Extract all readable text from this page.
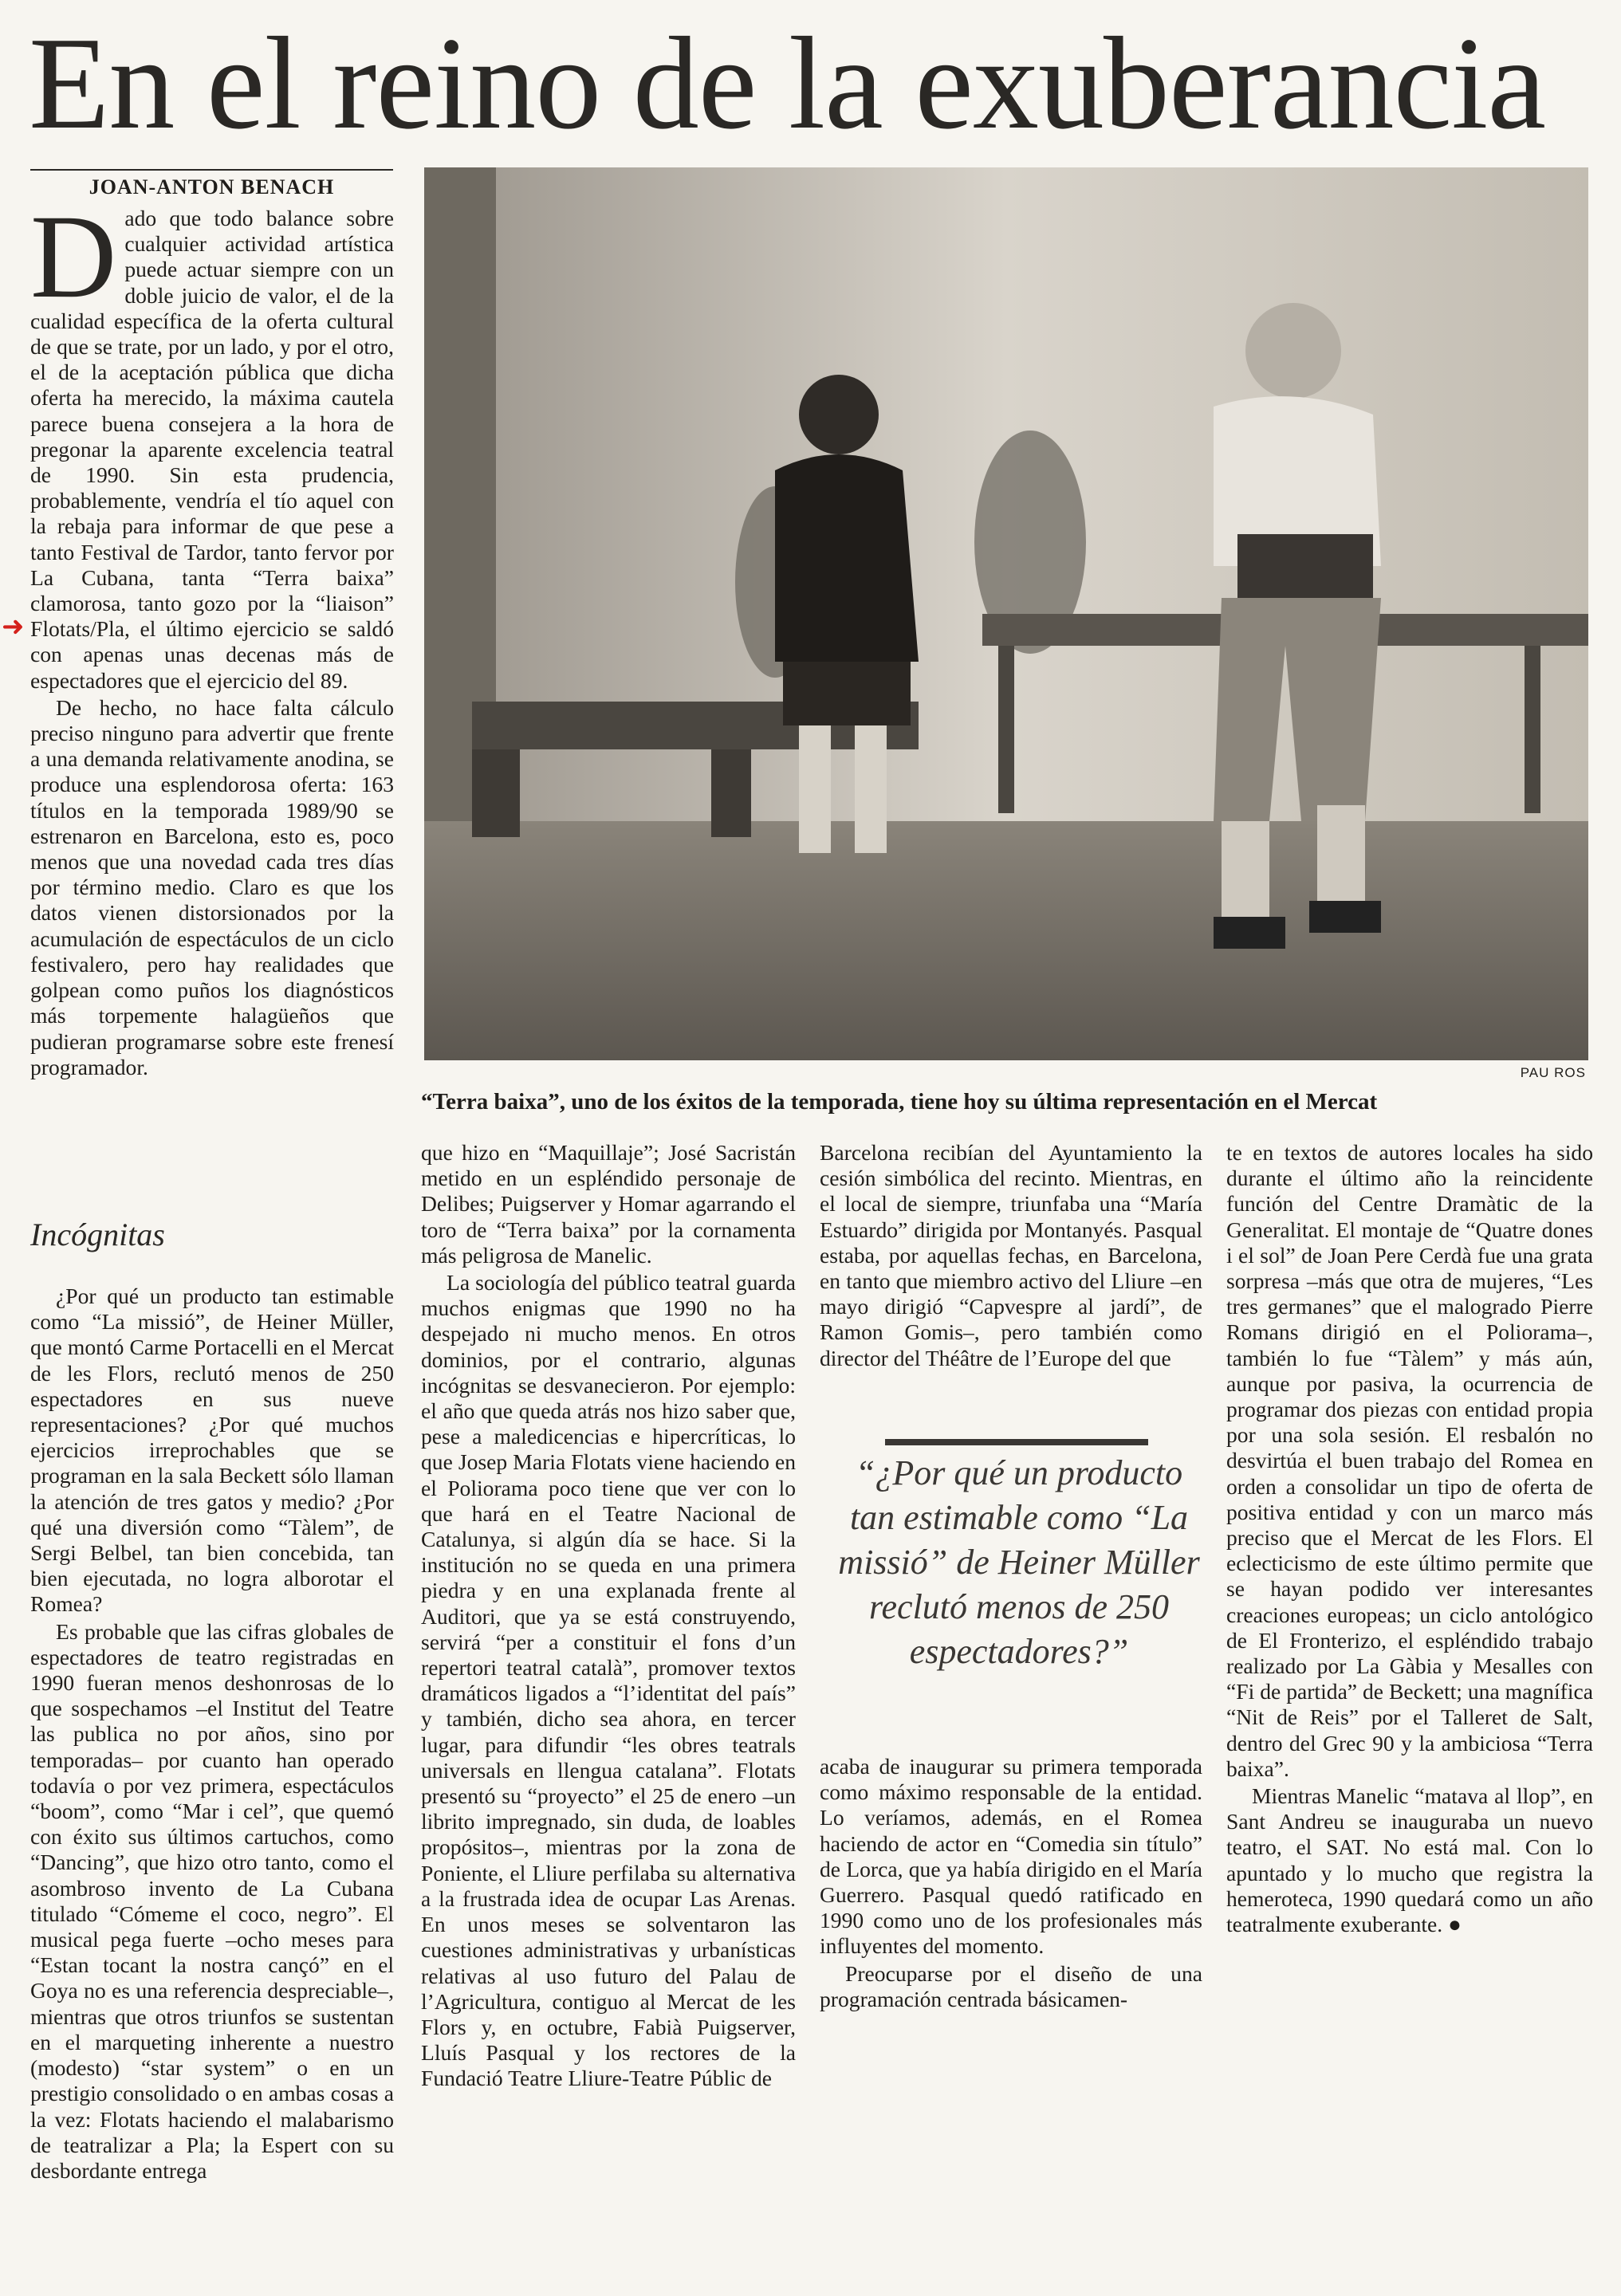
En el reino de la exuberancia
JOAN-ANTON BENACH
➜

Dado que todo balance sobre cualquier actividad artística puede actuar siempre con un doble juicio de valor, el de la cualidad específica de la oferta cultural de que se trate, por un lado, y por el otro, el de la aceptación pública que dicha oferta ha merecido, la máxima cautela parece buena consejera a la hora de pregonar la aparente excelencia teatral de 1990. Sin esta prudencia, probablemente, vendría el tío aquel con la rebaja para informar de que pese a tanto Festival de Tardor, tanto fervor por La Cubana, tanta “Terra baixa” clamorosa, tanto gozo por la “liaison” Flotats/Pla, el último ejercicio se saldó con apenas unas decenas más de espectadores que el ejercicio del 89.

De hecho, no hace falta cálculo preciso ninguno para advertir que frente a una demanda relativamente anodina, se produce una esplendorosa oferta: 163 títulos en la temporada 1989/90 se estrenaron en Barcelona, esto es, poco menos que una novedad cada tres días por término medio. Claro es que los datos vienen distorsionados por la acumulación de espectáculos de un ciclo festivalero, pero hay realidades que golpean como puños los diagnósticos más torpemente halagüeños que pudieran programarse sobre este frenesí programador.

Incógnitas

¿Por qué un producto tan estimable como “La missió”, de Heiner Müller, que montó Carme Portacelli en el Mercat de les Flors, reclutó menos de 250 espectadores en sus nueve representaciones? ¿Por qué muchos ejercicios irreprochables que se programan en la sala Beckett sólo llaman la atención de tres gatos y medio? ¿Por qué una diversión como “Tàlem”, de Sergi Belbel, tan bien concebida, tan bien ejecutada, no logra alborotar el Romea?

Es probable que las cifras globales de espectadores de teatro registradas en 1990 fueran menos deshonrosas de lo que sospechamos –el Institut del Teatre las publica no por años, sino por temporadas– por cuanto han operado todavía o por vez primera, espectáculos “boom”, como “Mar i cel”, que quemó con éxito sus últimos cartuchos, como “Dancing”, que hizo otro tanto, como el asombroso invento de La Cubana titulado “Cómeme el coco, negro”. El musical pega fuerte –ocho meses para “Estan tocant la nostra cançó” en el Goya no es una referencia despreciable–, mientras que otros triunfos se sustentan en el marqueting inherente a nuestro (modesto) “star system” o en un prestigio consolidado o en ambas cosas a la vez: Flotats haciendo el malabarismo de teatralizar a Pla; la Espert con su desbordante entrega

PAU ROS
“Terra baixa”, uno de los éxitos de la temporada, tiene hoy su última representación en el Mercat

que hizo en “Maquillaje”; José Sacristán metido en un espléndido personaje de Delibes; Puigserver y Homar agarrando el toro de “Terra baixa” por la cornamenta más peligrosa de Manelic.

La sociología del público teatral guarda muchos enigmas que 1990 no ha despejado ni mucho menos. En otros dominios, por el contrario, algunas incógnitas se desvanecieron. Por ejemplo: el año que queda atrás nos hizo saber que, pese a maledicencias e hipercríticas, lo que Josep Maria Flotats viene haciendo en el Poliorama poco tiene que ver con lo que hará en el Teatre Nacional de Catalunya, si algún día se hace. Si la institución no se queda en una primera piedra y en una explanada frente al Auditori, que ya se está construyendo, servirá “per a constituir el fons d’un repertori teatral català”, promover textos dramáticos ligados a “l’identitat del país” y también, dicho sea ahora, en tercer lugar, para difundir “les obres teatrals universals en llengua catalana”. Flotats presentó su “proyecto” el 25 de enero –un librito impregnado, sin duda, de loables propósitos–, mientras por la zona de Poniente, el Lliure perfilaba su alternativa a la frustrada idea de ocupar Las Arenas. En unos meses se solventaron las cuestiones administrativas y urbanísticas relativas al uso futuro del Palau de l’Agricultura, contiguo al Mercat de les Flors y, en octubre, Fabià Puigserver, Lluís Pasqual y los rectores de la Fundació Teatre Lliure-Teatre Públic de

Barcelona recibían del Ayuntamiento la cesión simbólica del recinto. Mientras, en el local de siempre, triunfaba una “María Estuardo” dirigida por Montanyés. Pasqual estaba, por aquellas fechas, en Barcelona, en tanto que miembro activo del Lliure –en mayo dirigió “Capvespre al jardí”, de Ramon Gomis–, pero también como director del Théâtre de l’Europe del que

“¿Por qué un producto tan estimable como “La missió” de Heiner Müller reclutó menos de 250 espectadores?”

acaba de inaugurar su primera temporada como máximo responsable de la entidad. Lo veríamos, además, en el Romea haciendo de actor en “Comedia sin título” de Lorca, que ya había dirigido en el María Guerrero. Pasqual quedó ratificado en 1990 como uno de los profesionales más influyentes del momento.

Preocuparse por el diseño de una programación centrada básicamen-

te en textos de autores locales ha sido durante el último año la reincidente función del Centre Dramàtic de la Generalitat. El montaje de “Quatre dones i el sol” de Joan Pere Cerdà fue una grata sorpresa –más que otra de mujeres, “Les tres germanes” que el malogrado Pierre Romans dirigió en el Poliorama–, también lo fue “Tàlem” y más aún, aunque por pasiva, la ocurrencia de programar dos piezas con entidad propia por una sola sesión. El resbalón no desvirtúa el buen trabajo del Romea en orden a consolidar un tipo de oferta de positiva entidad y con un marco más preciso que el Mercat de les Flors. El eclecticismo de este último permite que se hayan podido ver interesantes creaciones europeas; un ciclo antológico de El Fronterizo, el espléndido trabajo realizado por La Gàbia y Mesalles con “Fi de partida” de Beckett; una magnífica “Nit de Reis” por el Talleret de Salt, dentro del Grec 90 y la ambiciosa “Terra baixa”.

Mientras Manelic “matava al llop”, en Sant Andreu se inauguraba un nuevo teatro, el SAT. No está mal. Con lo apuntado y lo mucho que registra la hemeroteca, 1990 quedará como un año teatralmente exuberante. ●
